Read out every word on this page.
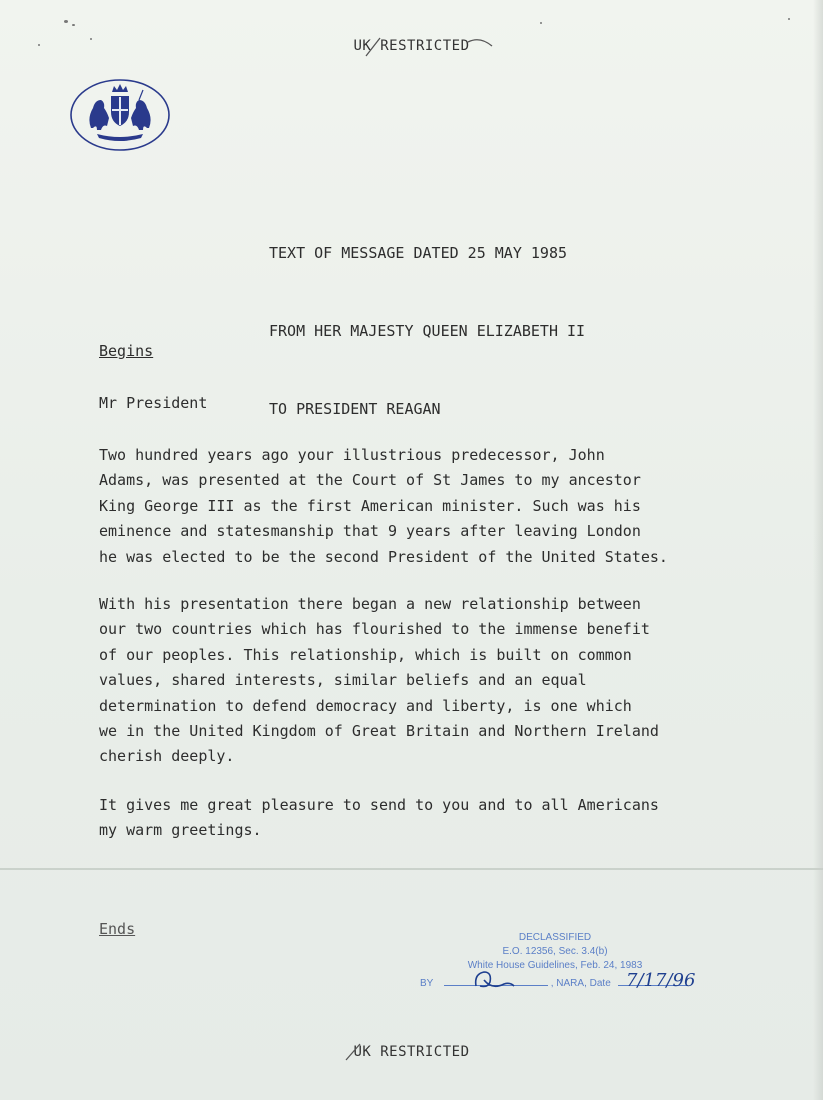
UK RESTRICTED

TEXT OF MESSAGE DATED 25 MAY 1985

FROM HER MAJESTY QUEEN ELIZABETH II

TO PRESIDENT REAGAN

Begins
Mr President
Two hundred years ago your illustrious predecessor, John
Adams, was presented at the Court of St James to my ancestor
King George III as the first American minister. Such was his
eminence and statesmanship that 9 years after leaving London
he was elected to be the second President of the United States.
With his presentation there began a new relationship between
our two countries which has flourished to the immense benefit
of our peoples. This relationship, which is built on common
values, shared interests, similar beliefs and an equal
determination to defend democracy and liberty, is one which
we in the United Kingdom of Great Britain and Northern Ireland
cherish deeply.
It gives me great pleasure to send to you and to all Americans
my warm greetings.
Ends	DECLASSIFIED
E.O. 12356, Sec. 3.4(b)
White House Guidelines, Feb. 24, 1983
BY	, NARA, Date 7/17/96
UK RESTRICTED
